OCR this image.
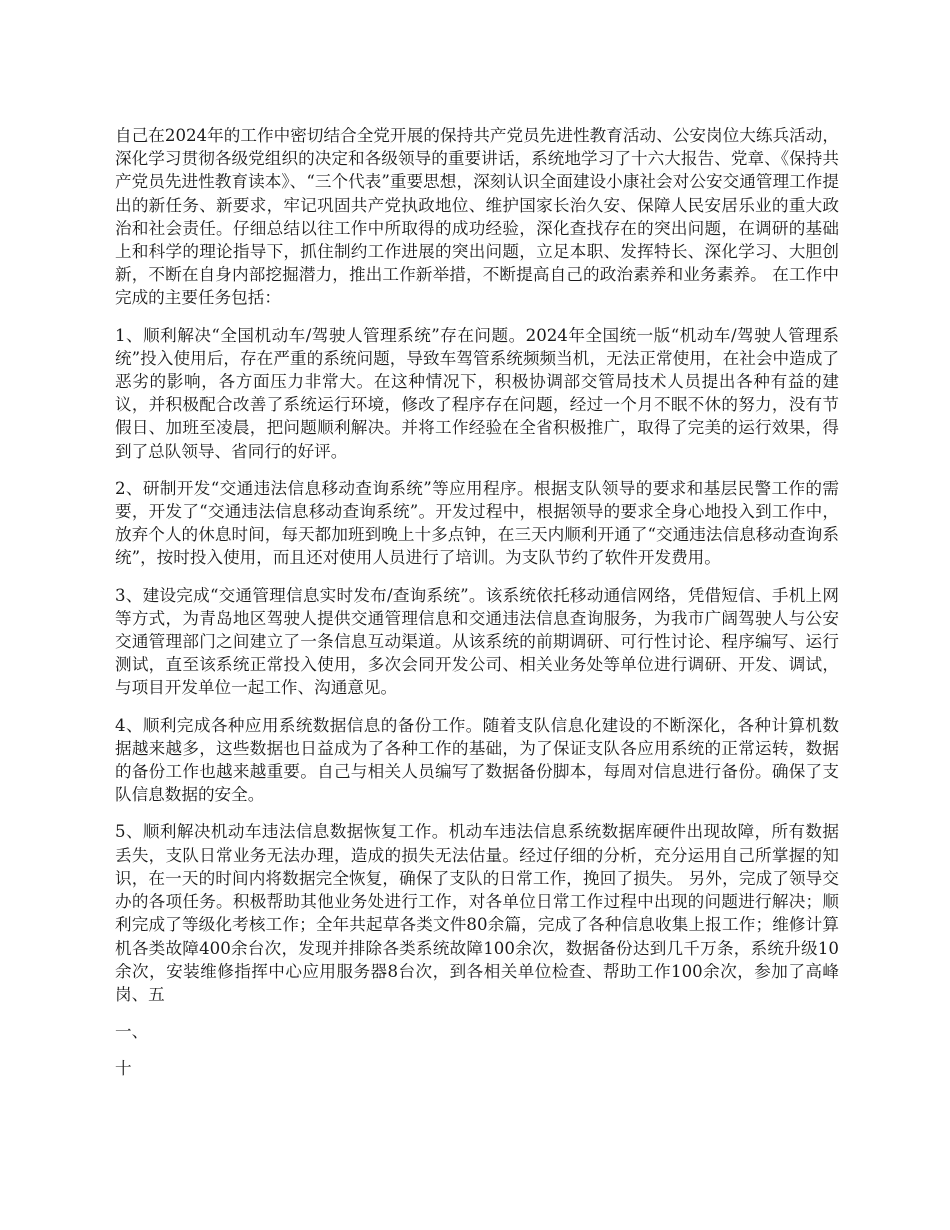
自己在2024年的工作中密切结合全党开展的保持共产党员先进性教育活动、公安岗位大练兵活动，深化学习贯彻各级党组织的决定和各级领导的重要讲话，系统地学习了十六大报告、党章、《保持共产党员先进性教育读本》、“三个代表”重要思想，深刻认识全面建设小康社会对公安交通管理工作提出的新任务、新要求，牢记巩固共产党执政地位、维护国家长治久安、保障人民安居乐业的重大政治和社会责任。仔细总结以往工作中所取得的成功经验，深化查找存在的突出问题，在调研的基础上和科学的理论指导下，抓住制约工作进展的突出问题，立足本职、发挥特长、深化学习、大胆创新，不断在自身内部挖掘潜力，推出工作新举措，不断提高自己的政治素养和业务素养。 在工作中完成的主要任务包括：

1、顺利解决“全国机动车/驾驶人管理系统”存在问题。2024年全国统一版“机动车/驾驶人管理系统”投入使用后，存在严重的系统问题，导致车驾管系统频频当机，无法正常使用，在社会中造成了恶劣的影响，各方面压力非常大。在这种情况下，积极协调部交管局技术人员提出各种有益的建议，并积极配合改善了系统运行环境，修改了程序存在问题，经过一个月不眠不休的努力，没有节假日、加班至凌晨，把问题顺利解决。并将工作经验在全省积极推广，取得了完美的运行效果，得到了总队领导、省同行的好评。

2、研制开发“交通违法信息移动查询系统”等应用程序。根据支队领导的要求和基层民警工作的需要，开发了“交通违法信息移动查询系统”。开发过程中，根据领导的要求全身心地投入到工作中，放弃个人的休息时间，每天都加班到晚上十多点钟，在三天内顺利开通了“交通违法信息移动查询系统”，按时投入使用，而且还对使用人员进行了培训。为支队节约了软件开发费用。

3、建设完成“交通管理信息实时发布/查询系统”。该系统依托移动通信网络，凭借短信、手机上网等方式，为青岛地区驾驶人提供交通管理信息和交通违法信息查询服务，为我市广阔驾驶人与公安交通管理部门之间建立了一条信息互动渠道。从该系统的前期调研、可行性讨论、程序编写、运行测试，直至该系统正常投入使用，多次会同开发公司、相关业务处等单位进行调研、开发、调试，与项目开发单位一起工作、沟通意见。

4、顺利完成各种应用系统数据信息的备份工作。随着支队信息化建设的不断深化，各种计算机数据越来越多，这些数据也日益成为了各种工作的基础，为了保证支队各应用系统的正常运转，数据的备份工作也越来越重要。自己与相关人员编写了数据备份脚本，每周对信息进行备份。确保了支队信息数据的安全。

5、顺利解决机动车违法信息数据恢复工作。机动车违法信息系统数据库硬件出现故障，所有数据丢失，支队日常业务无法办理，造成的损失无法估量。经过仔细的分析，充分运用自己所掌握的知识，在一天的时间内将数据完全恢复，确保了支队的日常工作，挽回了损失。 另外，完成了领导交办的各项任务。积极帮助其他业务处进行工作，对各单位日常工作过程中出现的问题进行解决；顺利完成了等级化考核工作；全年共起草各类文件80余篇，完成了各种信息收集上报工作；维修计算机各类故障400余台次，发现并排除各类系统故障100余次，数据备份达到几千万条，系统升级10余次，安装维修指挥中心应用服务器8台次，到各相关单位检查、帮助工作100余次，参加了高峰岗、五

一、

十
